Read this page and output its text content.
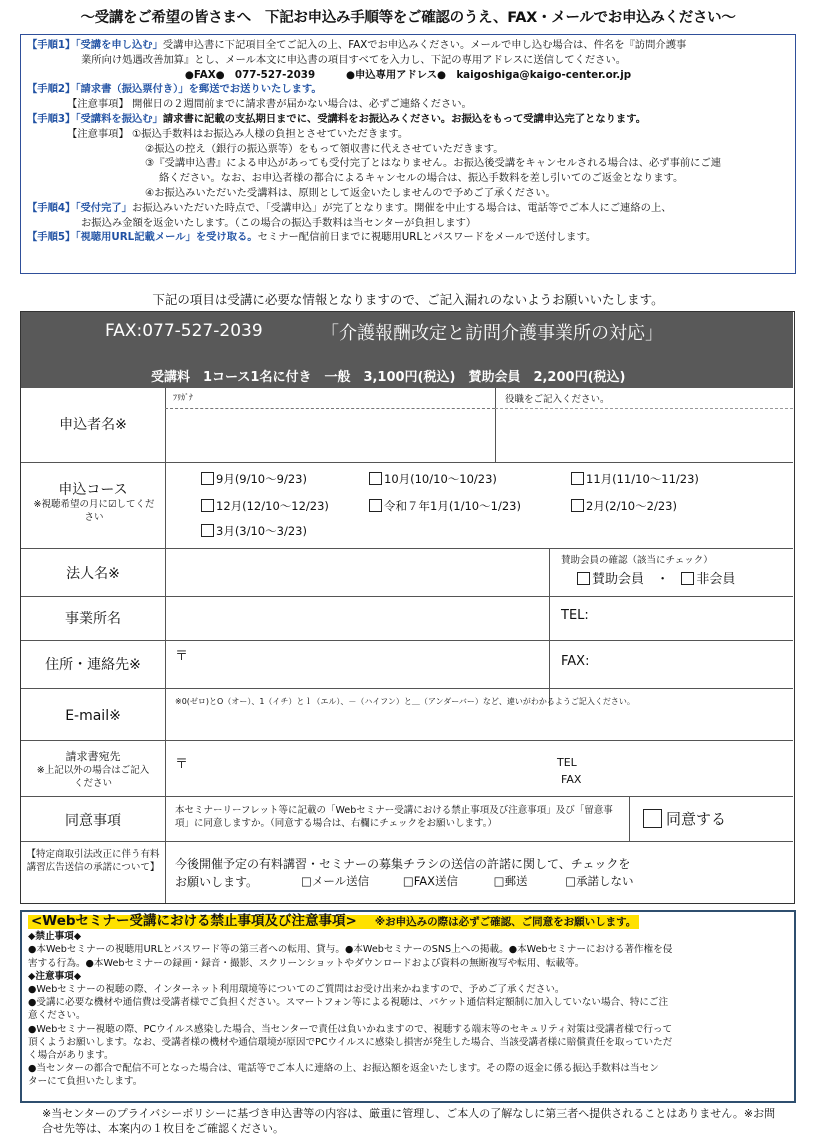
～受講をご希望の皆さまへ　下記お申込み手順等をご確認のうえ、FAX・メールでお申込みください～
【手順1】「受講を申し込む」受講申込書に下記項目全てご記入の上、FAXでお申込みください。メールで申し込む場合は、件名を『訪問介護事
業所向け処遇改善加算』とし、メール本文に申込書の項目すべてを入力し、下記の専用アドレスに送信してください。
●FAX●　077-527-2039　　　●申込専用アドレス●　kaigoshiga@kaigo-center.or.jp
【手順2】「請求書（振込票付き）」を郵送でお送りいたします。
【注意事項】 開催日の２週間前までに請求書が届かない場合は、必ずご連絡ください。
【手順3】「受講料を振込む」請求書に記載の支払期日までに、受講料をお振込みください。お振込をもって受講申込完了となります。
【注意事項】 ①振込手数料はお振込み人様の負担とさせていただきます。
②振込の控え（銀行の振込票等）をもって領収書に代えさせていただきます。
③『受講申込書』による申込があっても受付完了とはなりません。お振込後受講をキャンセルされる場合は、必ず事前にご連
絡ください。なお、お申込者様の都合によるキャンセルの場合は、振込手数料を差し引いてのご返金となります。
④お振込みいただいた受講料は、原則として返金いたしませんので予めご了承ください。
【手順4】「受付完了」お振込みいただいた時点で、「受講申込」が完了となります。開催を中止する場合は、電話等でご本人にご連絡の上、
お振込み金額を返金いたします。（この場合の振込手数料は当センターが負担します）
【手順5】「視聴用URL記載メール」を受け取る。セミナー配信前日までに視聴用URLとパスワードをメールで送付します。
下記の項目は受講に必要な情報となりますので、ご記入漏れのないようお願いいたします。
FAX:077-527-2039	「介護報酬改定と訪問介護事業所の対応」
受講料　1コース1名に付き　一般　3,100円(税込)　賛助会員　2,200円(税込)
申込者名※
ﾌﾘｶﾞﾅ	役職をご記入ください。
申込コース
※視聴希望の月に☑してください
9月(9/10～9/23)	10月(10/10～10/23)	11月(11/10～11/23)
12月(12/10～12/23)	令和７年1月(1/10～1/23)	2月(2/10～2/23)
3月(3/10～3/23)
法人名※
賛助会員の確認（該当にチェック）
賛助会員 ・ 非会員
事業所名	TEL:
住所・連絡先※
〒	FAX:
E-mail※
※0(ゼロ)とO（オー）、1（イチ）とｌ（エル）、－（ハイフン）と＿（アンダーバー）など、違いがわかるようご記入ください。
請求書宛先
※上記以外の場合はご記入ください
〒	TEL
FAX
同意事項
本セミナーリーフレット等に記載の「Webセミナー受講における禁止事項及び注意事項」及び「留意事項」に同意しますか。（同意する場合は、右欄にチェックをお願いします。）	同意する
【特定商取引法改正に伴う有料講習広告送信の承諾について】 今後開催予定の有料講習・セミナーの募集チラシの送信の許諾に関して、チェックを
お願いします。	□メール送信	□FAX送信	□郵送	□承諾しない
<Webセミナー受講における禁止事項及び注意事項> ※お申込みの際は必ずご確認、ご同意をお願いします。
◆禁止事項◆
●本Webセミナーの視聴用URLとパスワード等の第三者への転用、貸与。●本WebセミナーのSNS上への掲載。●本Webセミナーにおける著作権を侵
害する行為。●本Webセミナーの録画・録音・撮影、スクリーンショットやダウンロードおよび資料の無断複写や転用、転載等。
◆注意事項◆
●Webセミナーの視聴の際、インターネット利用環境等についてのご質問はお受け出来かねますので、予めご了承ください。
●受講に必要な機材や通信費は受講者様でご負担ください。スマートフォン等による視聴は、パケット通信料定額制に加入していない場合、特にご注
意ください。
●Webセミナー視聴の際、PCウイルス感染した場合、当センターで責任は負いかねますので、視聴する端末等のセキュリティ対策は受講者様で行って
頂くようお願いします。なお、受講者様の機材や通信環境が原因でPCウイルスに感染し損害が発生した場合、当該受講者様に賠償責任を取っていただ
く場合があります。
●当センターの都合で配信不可となった場合は、電話等でご本人に連絡の上、お振込額を返金いたします。その際の返金に係る振込手数料は当セン
ターにて負担いたします。
※当センターのプライバシーポリシーに基づき申込書等の内容は、厳重に管理し、ご本人の了解なしに第三者へ提供されることはありません。※お問合せ先等は、本案内の１枚目をご確認ください。
